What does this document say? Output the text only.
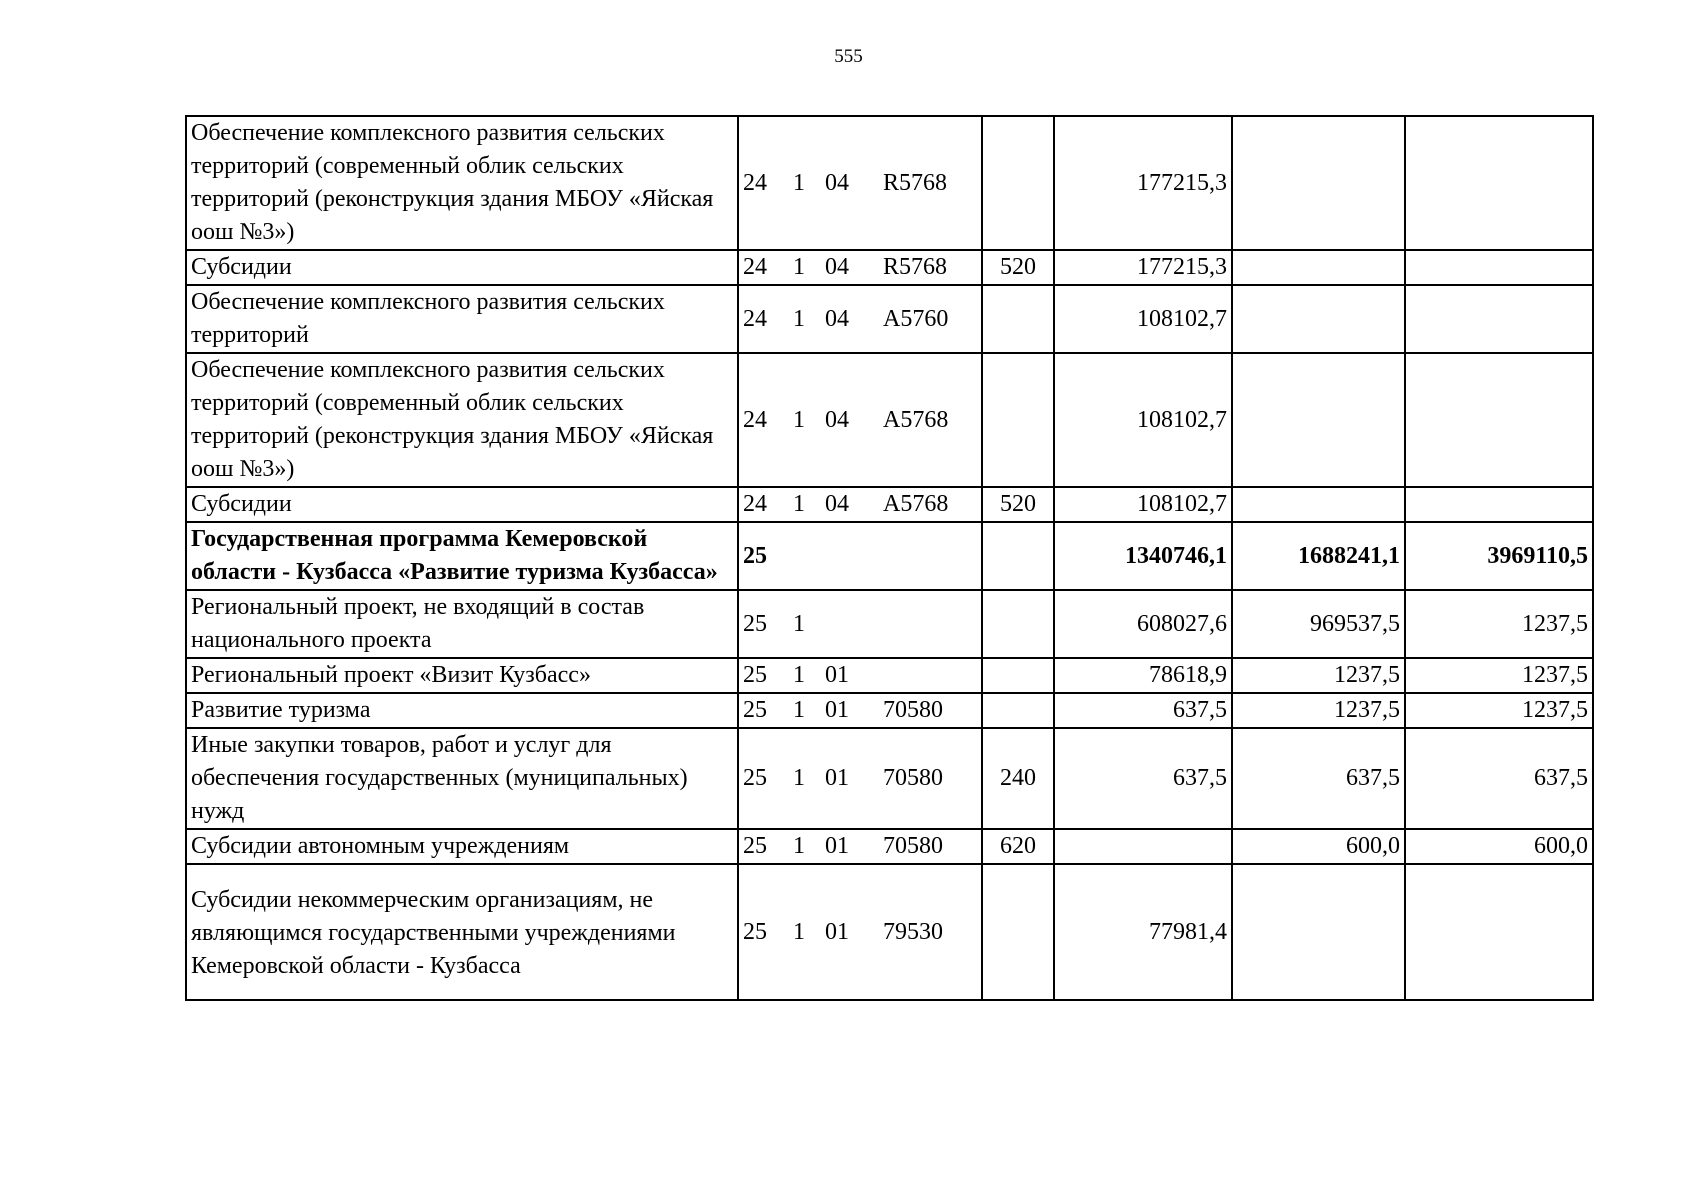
555
Обеспечение комплексного развития сельских территорий (современный облик сельских территорий (реконструкция здания МБОУ «Яйская оош №3»)	24 1 04 R5768		177215,3		
Субсидии	24 1 04 R5768	520	177215,3		
Обеспечение комплексного развития сельских территорий	24 1 04 А5760		108102,7		
Обеспечение комплексного развития сельских территорий (современный облик сельских территорий (реконструкция здания МБОУ «Яйская оош №3»)	24 1 04 А5768		108102,7		
Субсидии	24 1 04 А5768	520	108102,7		
Государственная программа Кемеровской области - Кузбасса «Развитие туризма Кузбасса»	25		1340746,1	1688241,1	3969110,5
Региональный проект, не входящий в состав национального проекта	25 1		608027,6	969537,5	1237,5
Региональный проект «Визит Кузбасс»	25 1 01		78618,9	1237,5	1237,5
Развитие туризма	25 1 01 70580		637,5	1237,5	1237,5
Иные закупки товаров, работ и услуг для обеспечения государственных (муниципальных) нужд	25 1 01 70580	240	637,5	637,5	637,5
Субсидии автономным учреждениям	25 1 01 70580	620		600,0	600,0
Субсидии некоммерческим организациям, не являющимся государственными учреждениями Кемеровской области - Кузбасса	25 1 01 79530		77981,4		
